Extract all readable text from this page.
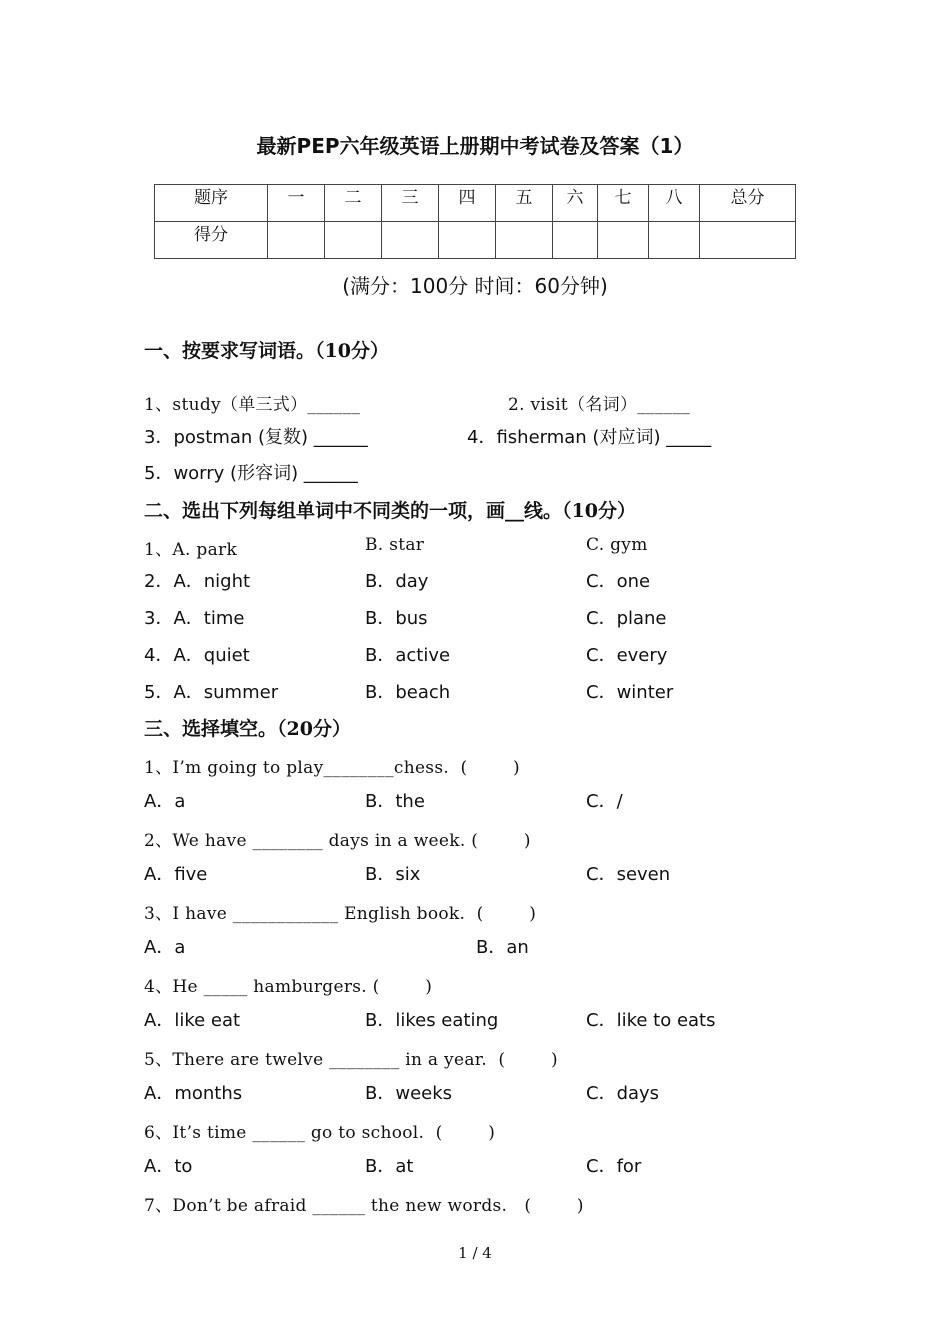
最新PEP六年级英语上册期中考试卷及答案（1）
题序	一	二	三	四	五	六	七	八	总分
得分									
(满分：100分 时间：60分钟)
一、按要求写词语。（10分）
1、study（单三式）______	2. visit（名词）______
3．postman (复数) ______	4．fisherman (对应词) _____
5．worry (形容词) ______
二、选出下列每组单词中不同类的一项，画__线。（10分）
1、A. park	B. star	C. gym
2．A．night	B．day	C．one
3．A．time	B．bus	C．plane
4．A．quiet	B．active	C．every
5．A．summer	B．beach	C．winter
三、选择填空。（20分）
1、I’m going to play________chess.  (        )
A．a	B．the	C．/
2、We have ________ days in a week. (        )
A．five	B．six	C．seven
3、I have ____________ English book.  (        )
A．a	B．an
4、He _____ hamburgers. (        )
A．like eat	B．likes eating	C．like to eats
5、There are twelve ________ in a year.  (        )
A．months	B．weeks	C．days
6、It’s time ______ go to school.  (        )
A．to	B．at	C．for
7、Don’t be afraid ______ the new words.   (        )
1 / 4
